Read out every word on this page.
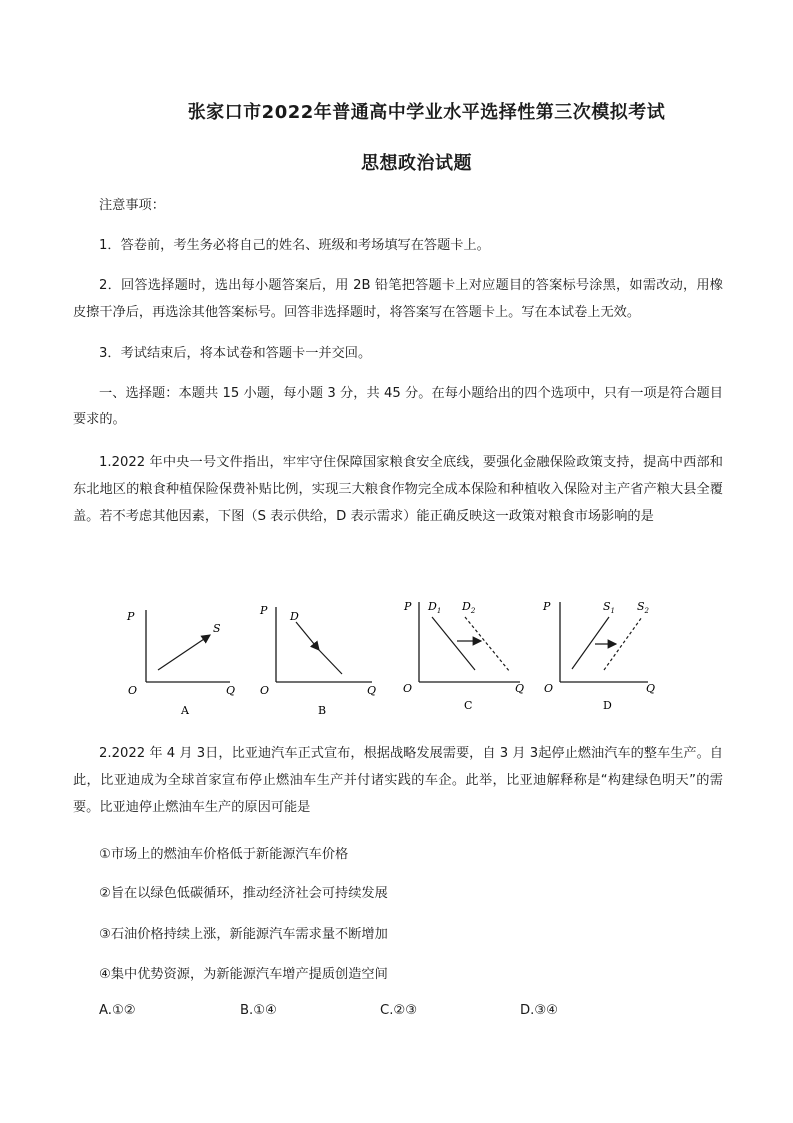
张家口市2022年普通高中学业水平选择性第三次模拟考试
思想政治试题

注意事项：

1．答卷前，考生务必将自己的姓名、班级和考场填写在答题卡上。

2．回答选择题时，选出每小题答案后，用 2B 铅笔把答题卡上对应题目的答案标号涂黑，如需改动，用橡皮擦干净后，再选涂其他答案标号。回答非选择题时，将答案写在答题卡上。写在本试卷上无效。

3．考试结束后，将本试卷和答题卡一并交回。

一、选择题：本题共 15 小题，每小题 3 分，共 45 分。在每小题给出的四个选项中，只有一项是符合题目要求的。

1.2022 年中央一号文件指出，牢牢守住保障国家粮食安全底线，要强化金融保险政策支持，提高中西部和东北地区的粮食种植保险保费补贴比例，实现三大粮食作物完全成本保险和种植收入保险对主产省产粮大县全覆盖。若不考虑其他因素，下图（S 表示供给，D 表示需求）能正确反映这一政策对粮食市场影响的是

P
O	Q
S
A
P
O	Q
D
B
P
O	Q
$D_1$ $D_2$
C
P
O	Q
$S_1$ $S_2$
D

2.2022 年 4 月 3日，比亚迪汽车正式宣布，根据战略发展需要，自 3 月 3起停止燃油汽车的整车生产。自此，比亚迪成为全球首家宣布停止燃油车生产并付诸实践的车企。此举，比亚迪解释称是“构建绿色明天”的需要。比亚迪停止燃油车生产的原因可能是

①市场上的燃油车价格低于新能源汽车价格
②旨在以绿色低碳循环，推动经济社会可持续发展
③石油价格持续上涨，新能源汽车需求量不断增加
④集中优势资源，为新能源汽车增产提质创造空间
A.①②	B.①④	C.②③	D.③④
